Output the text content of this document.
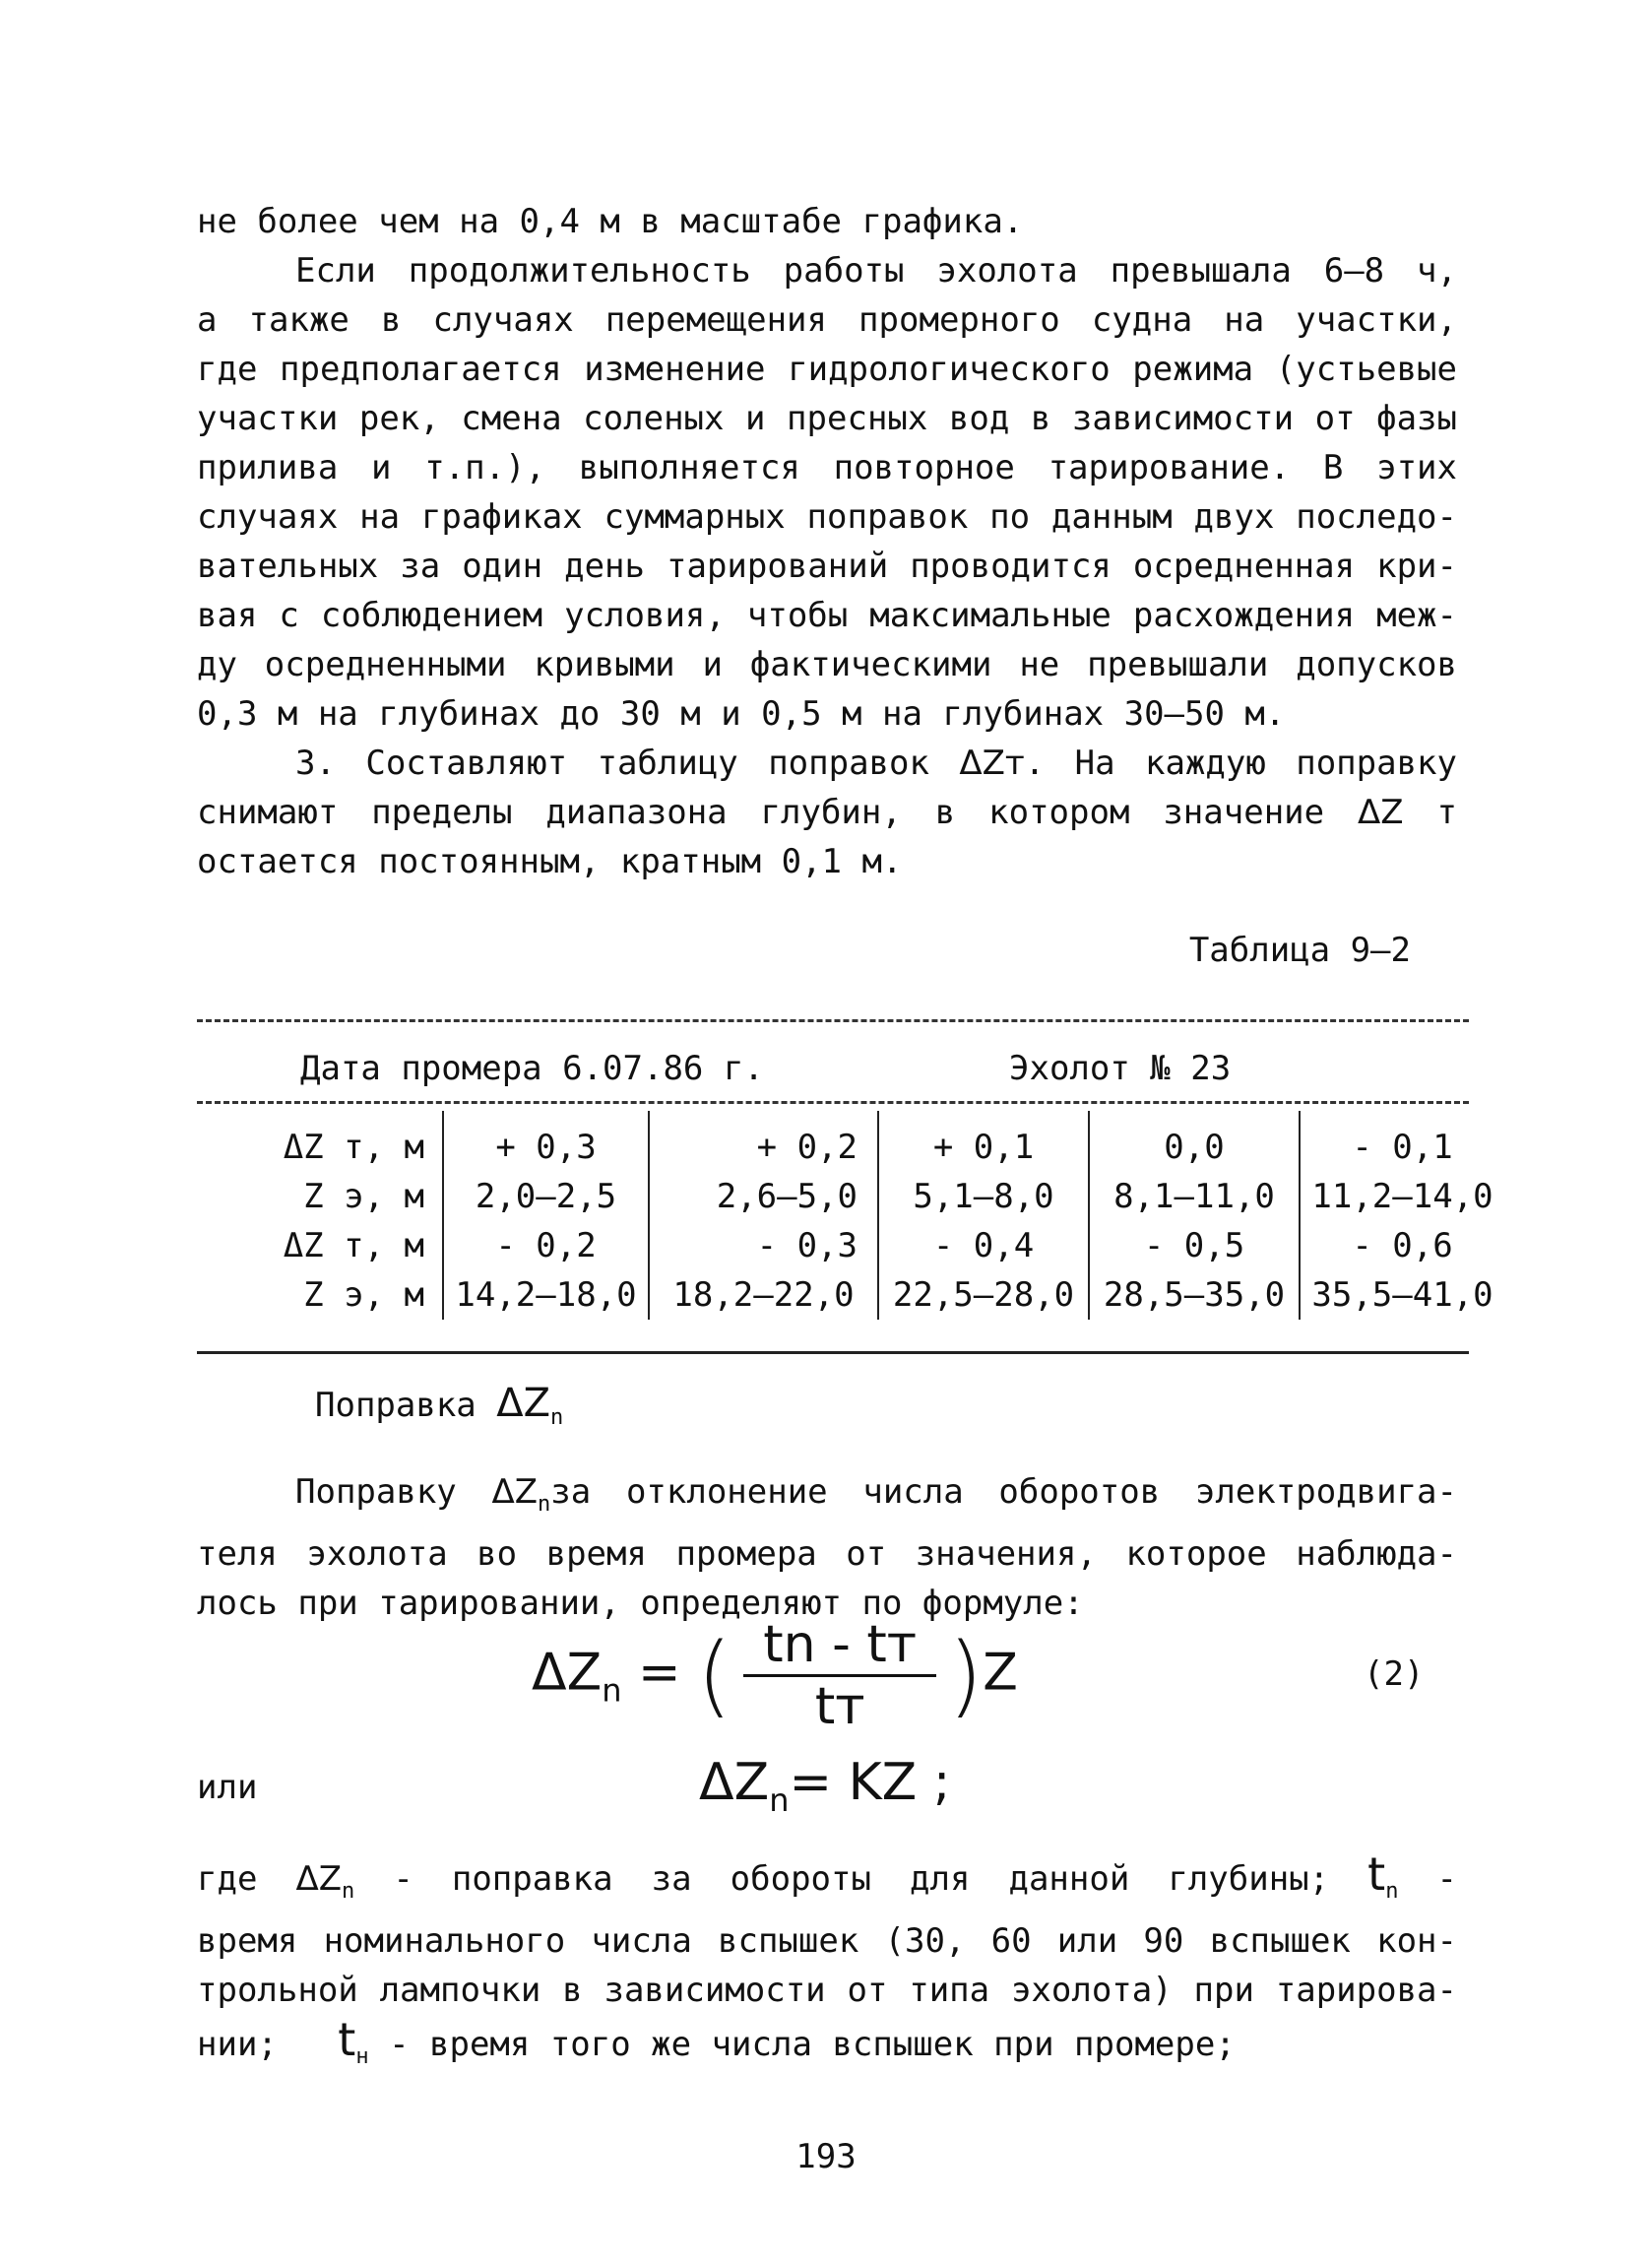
не более чем на 0,4 м в масштабе графика.

Если продолжительность работы эхолота превышала 6–8 ч,
а также в случаях перемещения промерного судна на участки,
где предполагается изменение гидрологического режима (устьевые
участки рек, смена соленых и пресных вод в зависимости от фазы
прилива и т.п.), выполняется повторное тарирование. В этих
случаях на графиках суммарных поправок по данным двух последо-
вательных за один день тарирований проводится осредненная кри-
вая с соблюдением условия, чтобы максимальные расхождения меж-
ду осредненными кривыми и фактическими не превышали допусков
0,3 м на глубинах до 30 м и 0,5 м на глубинах 30–50 м.

3. Составляют таблицу поправок ΔZт. На каждую поправку
снимают пределы диапазона глубин, в котором значение ΔZ т
остается постоянным, кратным 0,1 м.

Таблица 9–2
Дата промера 6.07.86 г.	Эхолот № 23
ΔZ т, м	+ 0,3	+ 0,2	+ 0,1	0,0	- 0,1
Z э, м	2,0–2,5	2,6–5,0	5,1–8,0	8,1–11,0	11,2–14,0
ΔZ т, м	- 0,2	- 0,3	- 0,4	- 0,5	- 0,6
Z э, м	14,2–18,0	18,2–22,0	22,5–28,0	28,5–35,0	35,5–41,0
Поправка $\Delta Z_n$

Поправку $\Delta Z_nза$ отклонение числа оборотов электродвига-
теля эхолота во время промера от значения, которое наблюда-
лось при тарировании, определяют по формуле:

$\Delta Z_n$ = ( $\frac{tn - tт}{tт} )Z$	(2)
или	$\Delta Z_n=$ KZ ;

где $\Delta Z_n$ - поправка за обороты для данной глубины; $t_n$ -
время номинального числа вспышек (30, 60 или 90 вспышек кон-
трольной лампочки в зависимости от типа эхолота) при тарирова-
нии;   $t_н$ - время того же числа вспышек при промере;

193
